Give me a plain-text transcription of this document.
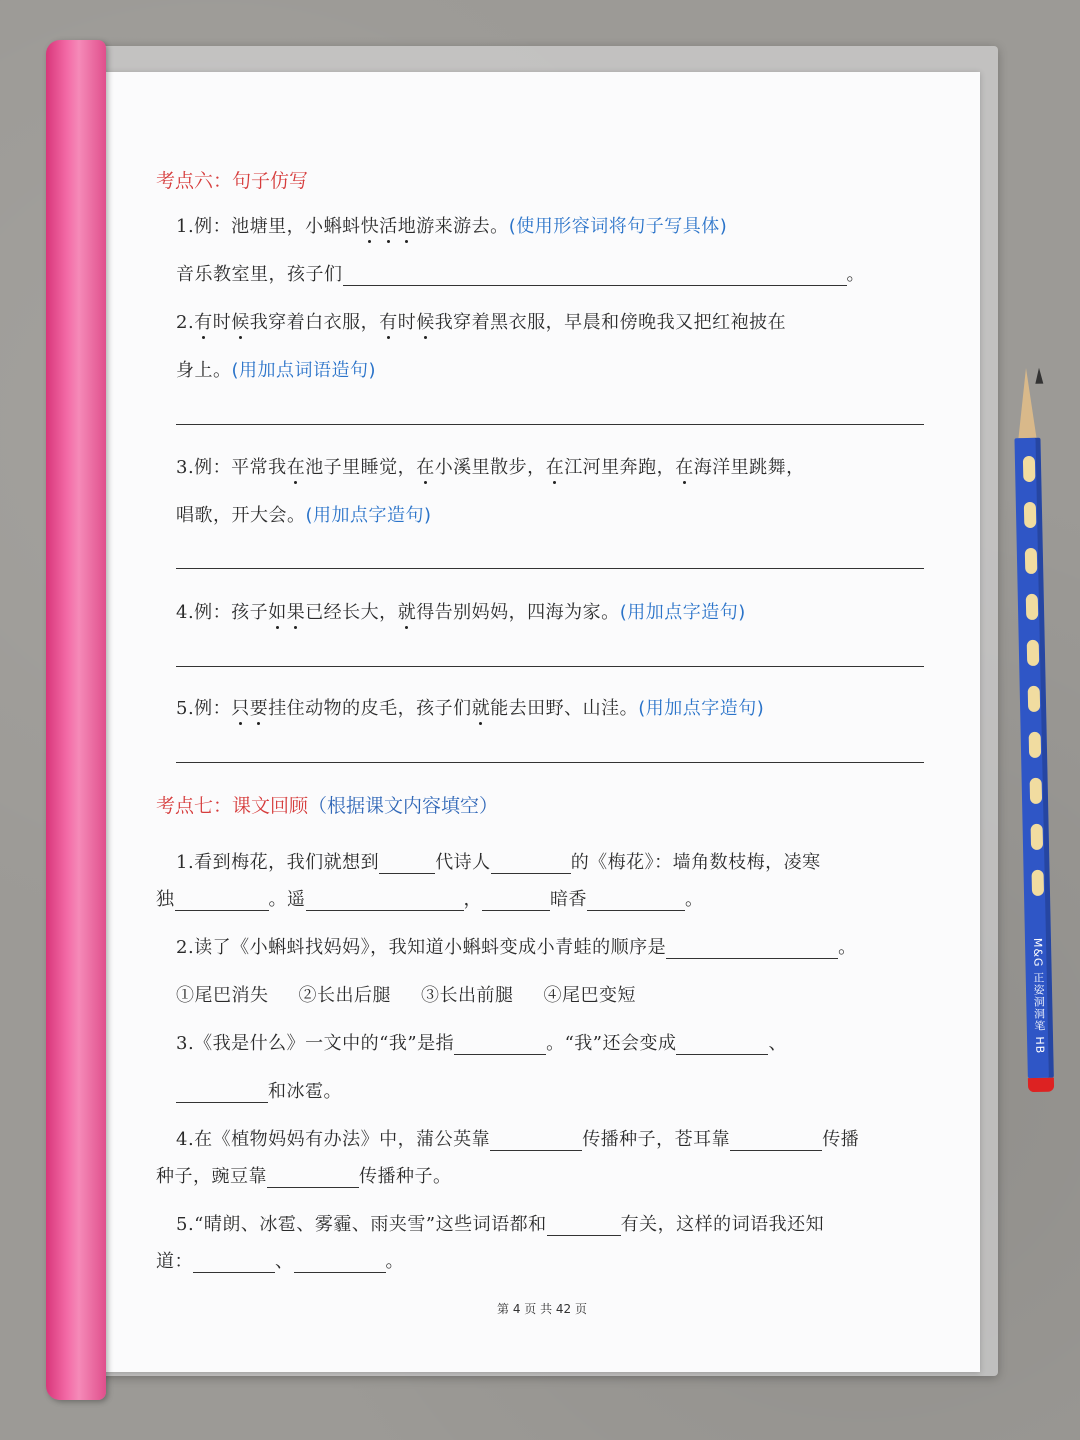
考点六：句子仿写
1.例：池塘里，小蝌蚪快活地游来游去。(使用形容词将句子写具体)
音乐教室里，孩子们	。
2.有时候我穿着白衣服，有时候我穿着黑衣服，早晨和傍晚我又把红袍披在
身上。(用加点词语造句)
3.例：平常我在池子里睡觉，在小溪里散步，在江河里奔跑，在海洋里跳舞，
唱歌，开大会。(用加点字造句)
4.例：孩子如果已经长大，就得告别妈妈，四海为家。(用加点字造句)
5.例：只要挂住动物的皮毛，孩子们就能去田野、山洼。(用加点字造句)
考点七：课文回顾（根据课文内容填空）
1.看到梅花，我们就想到	代诗人	的《梅花》：墙角数枝梅，凌寒
独	。遥	，	暗香	。
2.读了《小蝌蚪找妈妈》，我知道小蝌蚪变成小青蛙的顺序是	。
①尾巴消失 ②长出后腿 ③长出前腿 ④尾巴变短
3.《我是什么》一文中的“我”是指	。“我”还会变成	、
和冰雹。
4.在《植物妈妈有办法》中，蒲公英靠	传播种子，苍耳靠	传播
种子，豌豆靠	传播种子。
5.“晴朗、冰雹、雾霾、雨夹雪”这些词语都和	有关，这样的词语我还知
道：	、	。
第 4 页 共 42 页
M&G 正姿洞洞笔 HB
